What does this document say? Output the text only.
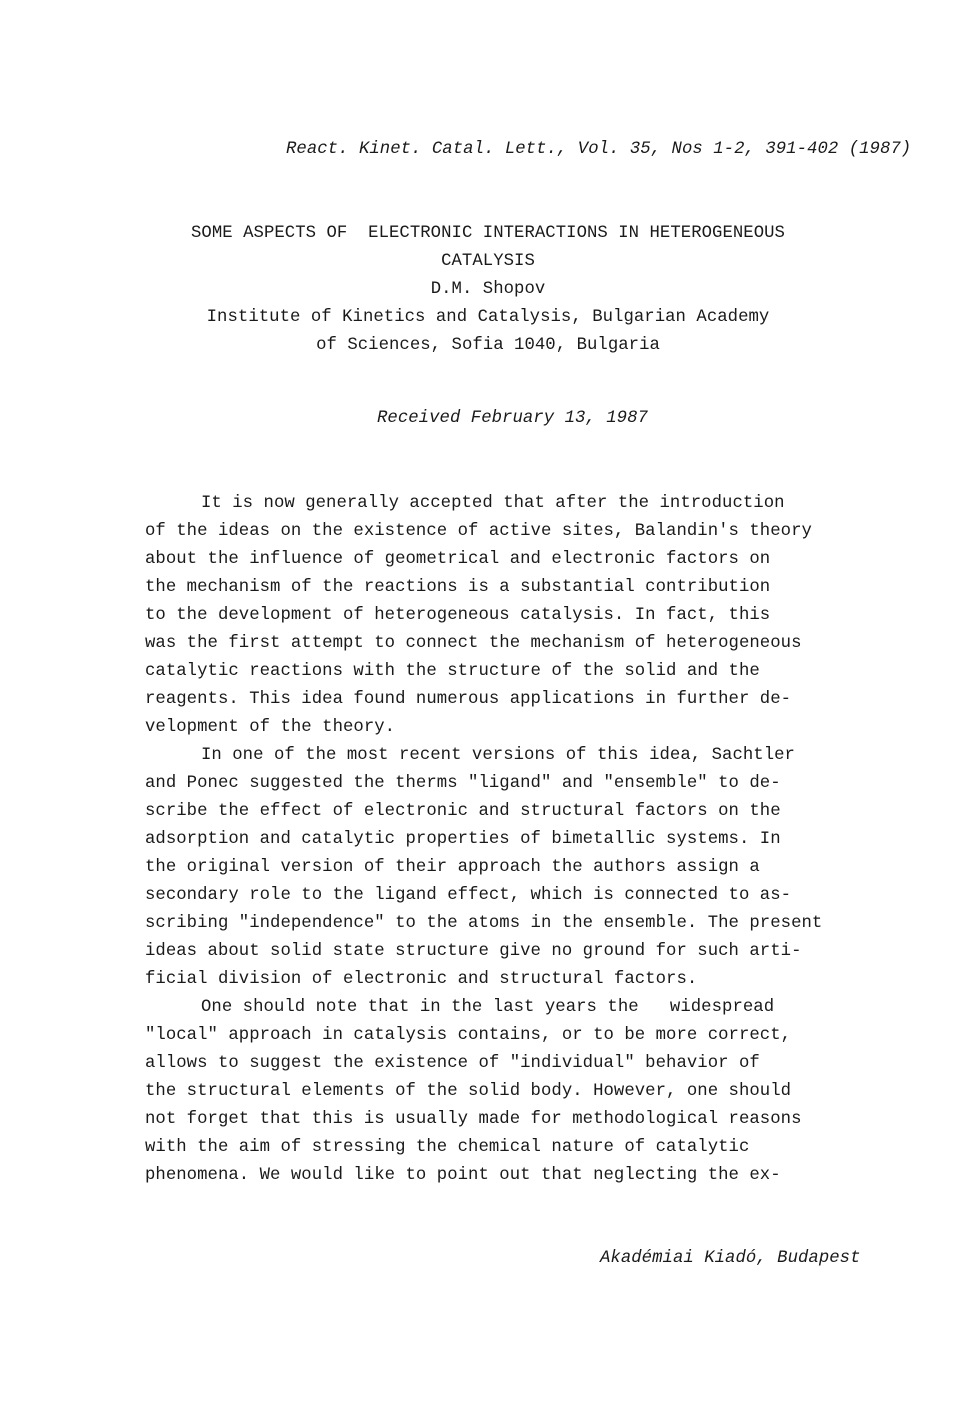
React. Kinet. Catal. Lett., Vol. 35, Nos 1-2, 391-402 (1987)
SOME ASPECTS OF  ELECTRONIC INTERACTIONS IN HETEROGENEOUS
CATALYSIS
D.M. Shopov
Institute of Kinetics and Catalysis, Bulgarian Academy
of Sciences, Sofia 1040, Bulgaria
Received February 13, 1987
It is now generally accepted that after the introduction
of the ideas on the existence of active sites, Balandin's theory
about the influence of geometrical and electronic factors on
the mechanism of the reactions is a substantial contribution
to the development of heterogeneous catalysis. In fact, this
was the first attempt to connect the mechanism of heterogeneous
catalytic reactions with the structure of the solid and the
reagents. This idea found numerous applications in further de-
velopment of the theory.
In one of the most recent versions of this idea, Sachtler
and Ponec suggested the therms "ligand" and "ensemble" to de-
scribe the effect of electronic and structural factors on the
adsorption and catalytic properties of bimetallic systems. In
the original version of their approach the authors assign a
secondary role to the ligand effect, which is connected to as-
scribing "independence" to the atoms in the ensemble. The present
ideas about solid state structure give no ground for such arti-
ficial division of electronic and structural factors.
One should note that in the last years the   widespread
"local" approach in catalysis contains, or to be more correct,
allows to suggest the existence of "individual" behavior of
the structural elements of the solid body. However, one should
not forget that this is usually made for methodological reasons
with the aim of stressing the chemical nature of catalytic
phenomena. We would like to point out that neglecting the ex-
Akadémiai Kiadó, Budapest
